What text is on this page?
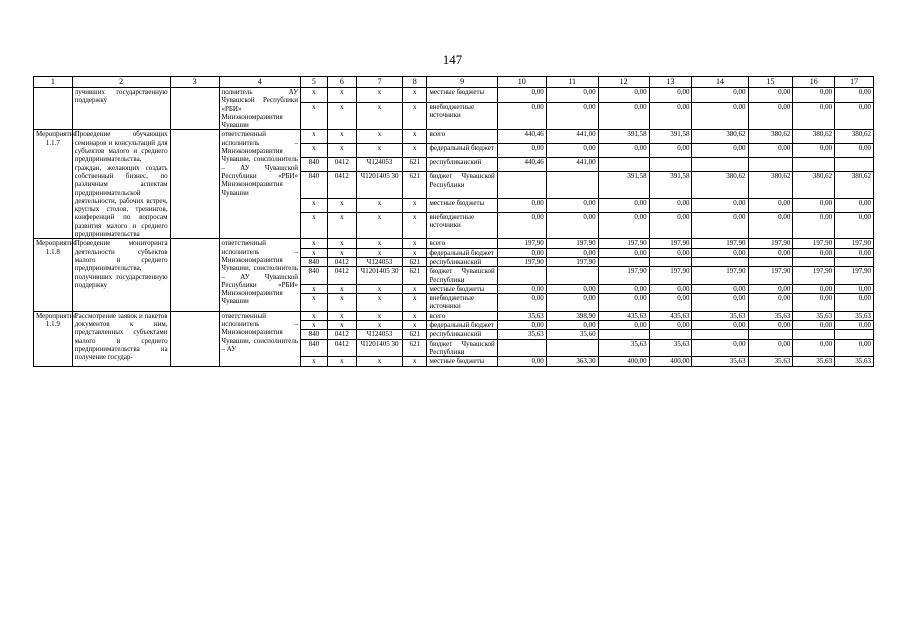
147
1	2	3	4	5	6	7	8	9	10	11	12	13	14	15	16	17
	лучивших государственную поддержку		полнитель АУ Чувашской Республики «РБИ» Минэкономразвития Чувашии	x	x	x	x	местные бюджеты	0,00	0,00	0,00	0,00	0,00	0,00	0,00	0,00
				x	x	x	x	внебюджетные источники	0,00	0,00	0,00	0,00	0,00	0,00	0,00	0,00
Мероприятие 1.1.7	Проведение обучающих семинаров и консультаций для субъектов малого и среднего предпринимательства, граждан, желающих создать собственный бизнес, по различным аспектам предпринимательской деятельности, рабочих встреч, круглых столов, тренингов, конференций по вопросам развития малого и среднего предпринимательства		ответственный исполнитель – Минэкономразвития Чувашии, соисполнитель – АУ Чувашской Республики «РБИ» Минэкономразвития Чувашии	x	x	x	x	всего	440,46	441,00	391,58	391,58	380,62	380,62	380,62	380,62
				x	x	x	x	федеральный бюджет	0,00	0,00	0,00	0,00	0,00	0,00	0,00	0,00
				840	0412	Ч124053	621	республиканский	440,46	441,00						
				840	0412	Ч1201405 30	621	бюджет Чувашской Республики			391,58	391,58	380,62	380,62	380,62	380,62
				x	x	x	x	местные бюджеты	0,00	0,00	0,00	0,00	0,00	0,00	0,00	0,00
				x	x	x	x	внебюджетные источники	0,00	0,00	0,00	0,00	0,00	0,00	0,00	0,00
Мероприятие 1.1.8	Проведение мониторинга деятельности субъектов малого и среднего предпринимательства, получивших государственную поддержку		ответственный исполнитель – Минэкономразвития Чувашии, соисполнитель – АУ Чувашской Республики «РБИ» Минэкономразвития Чувашии	x	x	x	x	всего	197,90	197,90	197,90	197,90	197,90	197,90	197,90	197,90
				x	x	x	x	федеральный бюджет	0,00	0,00	0,00	0,00	0,00	0,00	0,00	0,00
				840	0412	Ч124053	621	республиканский	197,90	197,90						
				840	0412	Ч1201405 30	621	бюджет Чувашской Республики			197,90	197,90	197,90	197,90	197,90	197,90
				x	x	x	x	местные бюджеты	0,00	0,00	0,00	0,00	0,00	0,00	0,00	0,00
				x	x	x	x	внебюджетные источники	0,00	0,00	0,00	0,00	0,00	0,00	0,00	0,00
Мероприятие 1.1.9	Рассмотрение заявок и пакетов документов к ним, представленных субъектами малого и среднего предпринимательства на получение государ-		ответственный исполнитель – Минэкономразвития Чувашии, соисполнитель – АУ	x	x	x	x	всего	35,63	398,90	435,63	435,63	35,63	35,63	35,63	35,63
				x	x	x	x	федеральный бюджет	0,00	0,00	0,00	0,00	0,00	0,00	0,00	0,00
				840	0412	Ч124053	621	республиканский	35,63	35,60						
				840	0412	Ч1201405 30	621	бюджет Чувашской Республики			35,63	35,63	0,00	0,00	0,00	0,00
				x	x	x	x	местные бюджеты	0,00	363,30	400,00	400,00	35,63	35,63	35,63	35,63
